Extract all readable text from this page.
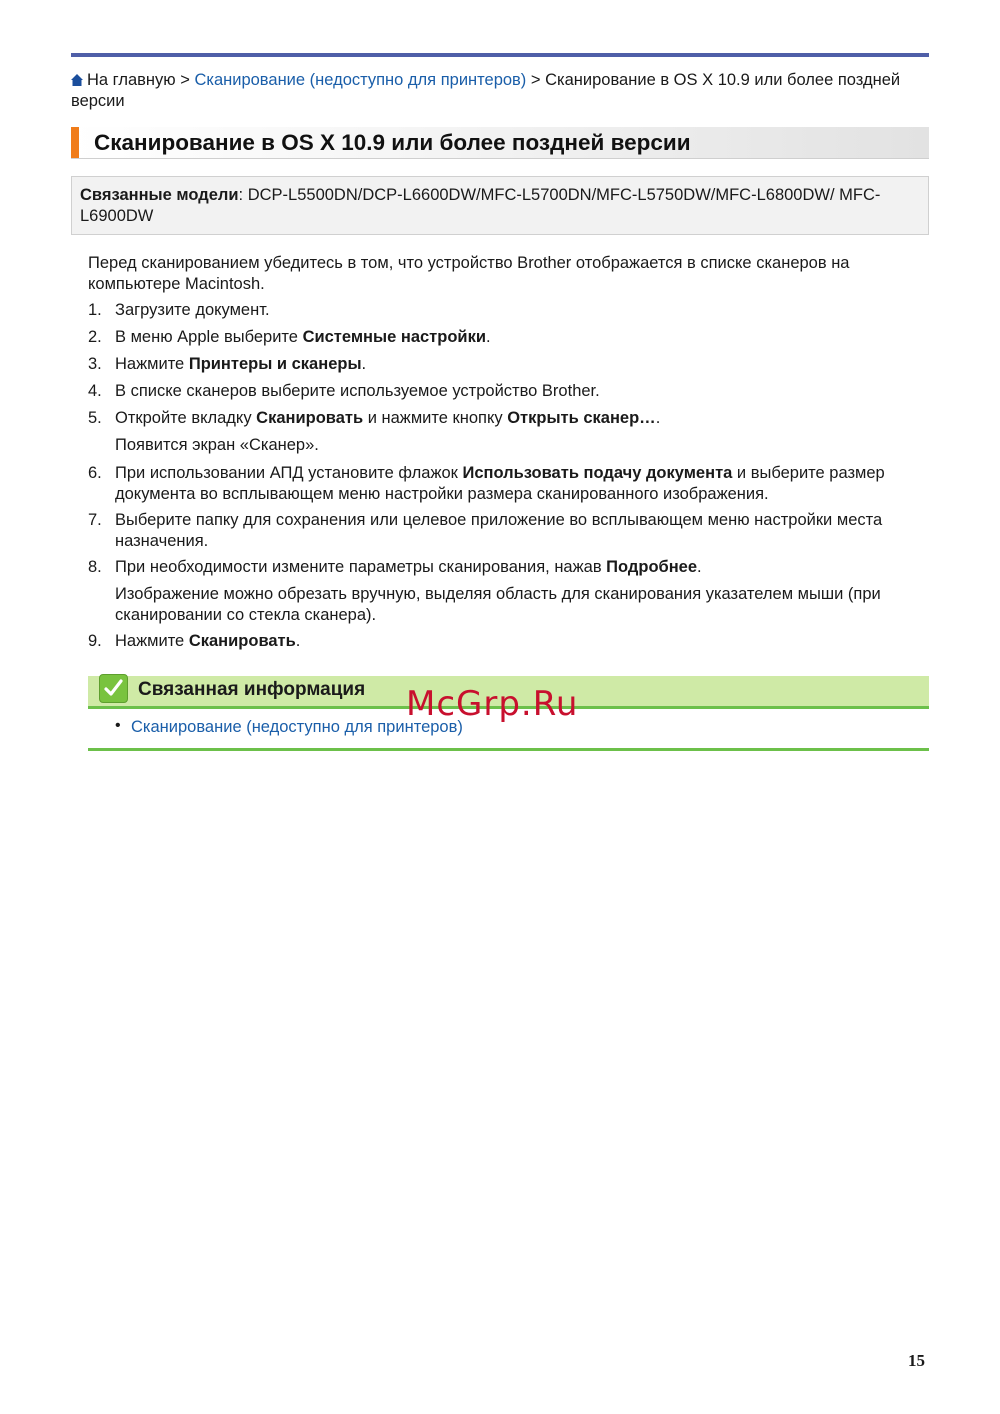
На главную > Сканирование (недоступно для принтеров) > Сканирование в OS X 10.9 или более поздней версии
Сканирование в OS X 10.9 или более поздней версии

Связанные модели: DCP-L5500DN/DCP-L6600DW/MFC-L5700DN/MFC-L5750DW/MFC-L6800DW/ MFC-L6900DW

Перед сканированием убедитесь в том, что устройство Brother отображается в списке сканеров на компьютере Macintosh.

1. Загрузите документ.
2. В меню Apple выберите Системные настройки.
3. Нажмите Принтеры и сканеры.
4. В списке сканеров выберите используемое устройство Brother.
5. Откройте вкладку Сканировать и нажмите кнопку Открыть сканер….
Появится экран «Сканер».
6. При использовании АПД установите флажок Использовать подачу документа и выберите размер документа во всплывающем меню настройки размера сканированного изображения.
7. Выберите папку для сохранения или целевое приложение во всплывающем меню настройки места назначения.
8. При необходимости измените параметры сканирования, нажав Подробнее.
Изображение можно обрезать вручную, выделяя область для сканирования указателем мыши (при сканировании со стекла сканера).
9. Нажмите Сканировать.
Связанная информация
• Сканирование (недоступно для принтеров)
McGrp.Ru
15
